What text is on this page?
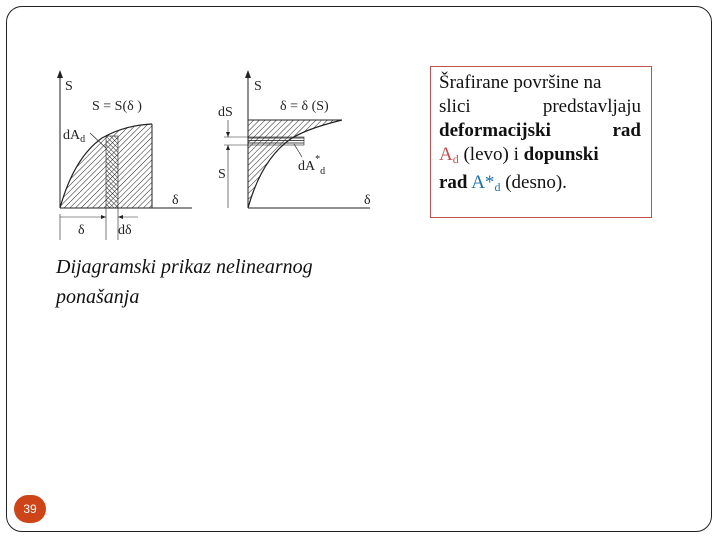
S
S = S(δ )
$dA_d$
δ
δ dδ
S
δ = δ (S)
dS
S
$dA^*_d$
δ
Šrafirane površine na
slici predstavljaju
deformacijski rad
$A_d$ (levo) i dopunski
rad $A*_d$ (desno).
Dijagramski prikaz nelinearnog ponašanja
39
